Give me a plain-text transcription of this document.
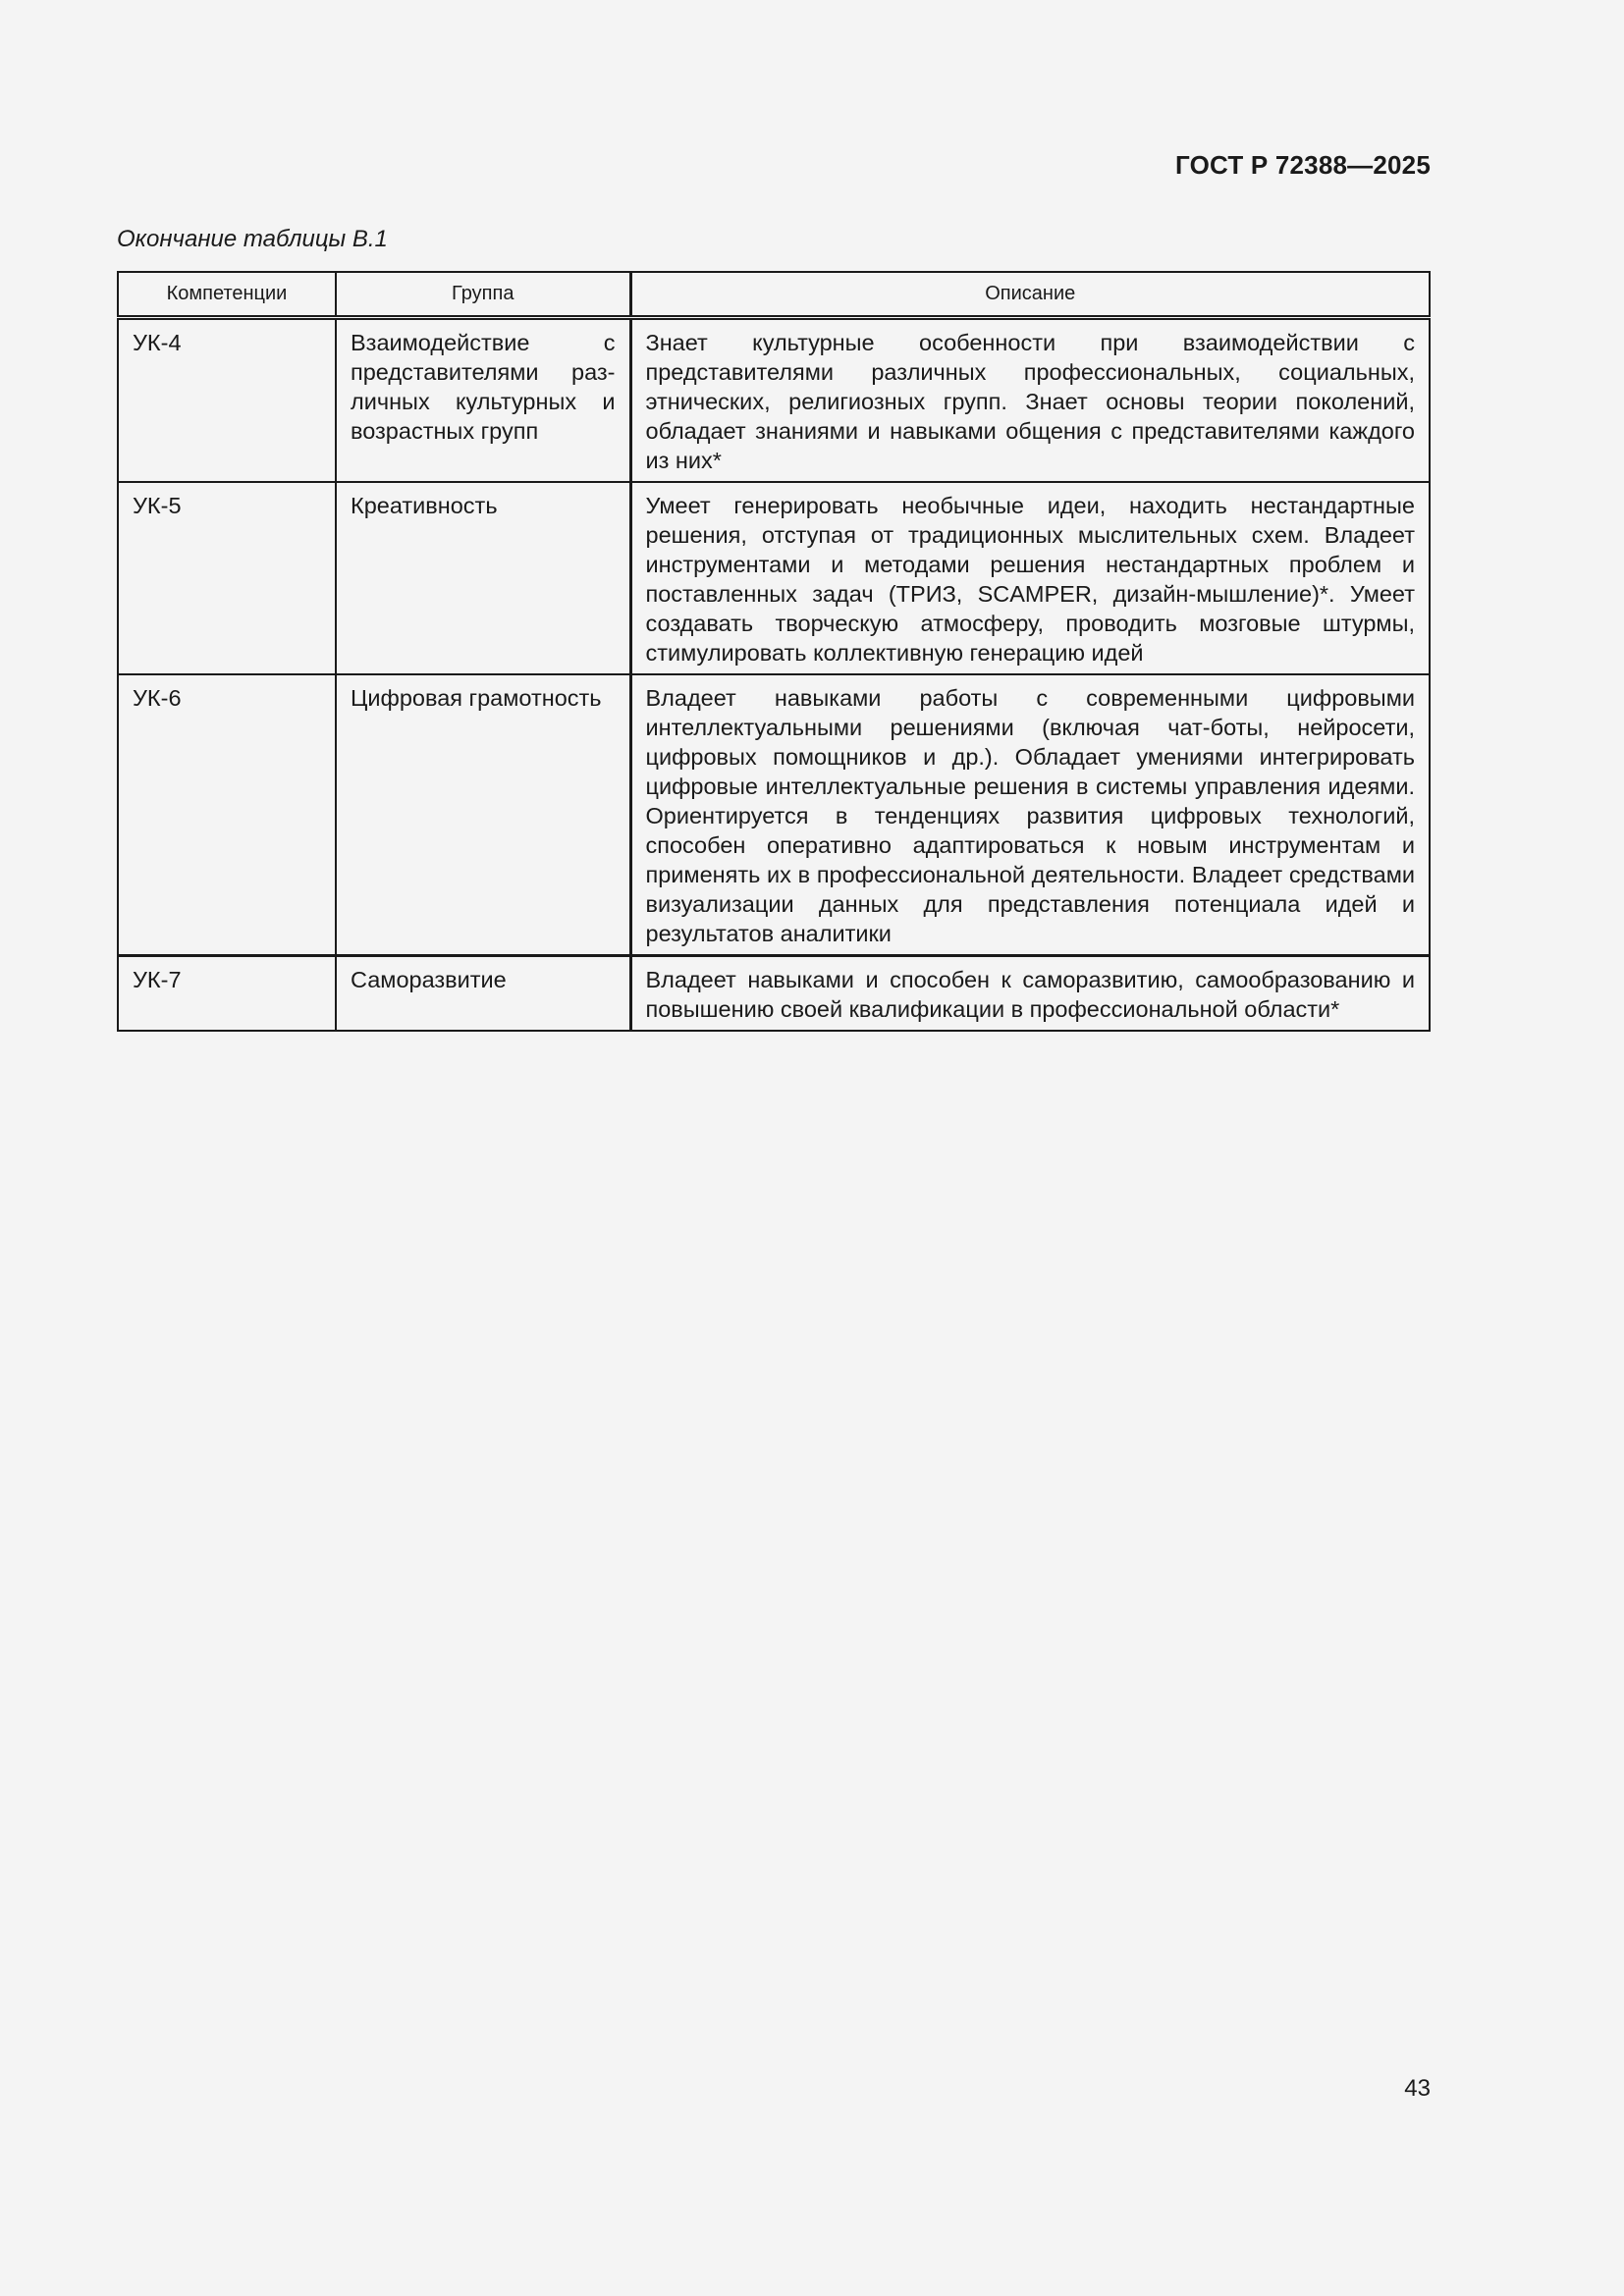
ГОСТ Р 72388—2025
Окончание таблицы В.1
Компетенции	Группа	Описание
УК-4	Взаимодействие с представителями различных культурных и возрастных групп	Знает культурные особенности при взаимодействии с представителями различных профессиональных, социальных, этнических, религиозных групп. Знает основы теории поколений, обладает знаниями и навыками общения с представителями каждого из них*
УК-5	Креативность	Умеет генерировать необычные идеи, находить нестандартные решения, отступая от традиционных мыслительных схем. Владеет инструментами и методами решения нестандартных проблем и поставленных задач (ТРИЗ, SCAMPER, дизайн-мышление)*. Умеет создавать творческую атмосферу, проводить мозговые штурмы, стимулировать коллективную генерацию идей
УК-6	Цифровая грамотность	Владеет навыками работы с современными цифровыми интеллектуальными решениями (включая чат-боты, нейросети, цифровых помощников и др.). Обладает умениями интегрировать цифровые интеллектуальные решения в системы управления идеями. Ориентируется в тенденциях развития цифровых технологий, способен оперативно адаптироваться к новым инструментам и применять их в профессиональной деятельности. Владеет средствами визуализации данных для представления потенциала идей и результатов аналитики
УК-7	Саморазвитие	Владеет навыками и способен к саморазвитию, самообразованию и повышению своей квалификации в профессиональной области*
43
